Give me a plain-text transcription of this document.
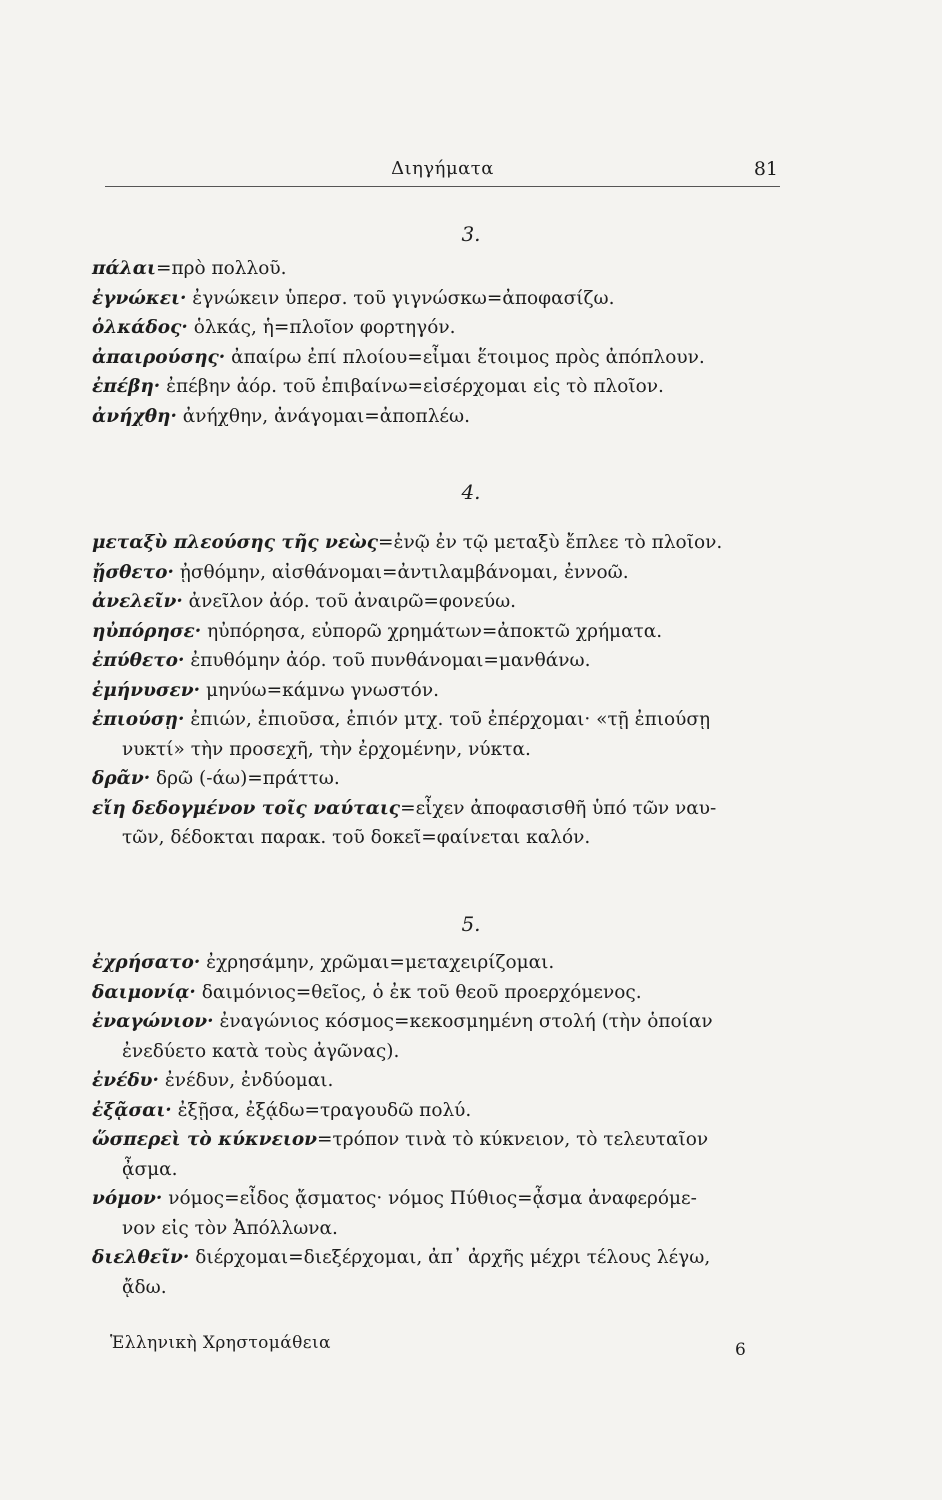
Διηγήματα	81
3.

πάλαι=πρὸ πολλοῦ.

ἐγνώκει· ἐγνώκειν ὑπερσ. τοῦ γιγνώσκω=ἀποφασίζω.

ὁλκάδος· ὁλκάς, ἡ=πλοῖον φορτηγόν.

ἀπαιρούσης· ἀπαίρω ἐπί πλοίου=εἶμαι ἕτοιμος πρὸς ἀπόπλουν.

ἐπέβη· ἐπέβην ἀόρ. τοῦ ἐπιβαίνω=εἰσέρχομαι εἰς τὸ πλοῖον.

ἀνήχθη· ἀνήχθην, ἀνάγομαι=ἀποπλέω.

4.

μεταξὺ πλεούσης τῆς νεὼς=ἐνῷ ἐν τῷ μεταξὺ ἔπλεε τὸ πλοῖον.

ᾔσθετο· ᾐσθόμην, αἰσθάνομαι=ἀντιλαμβάνομαι, ἐννοῶ.

ἀνελεῖν· ἀνεῖλον ἀόρ. τοῦ ἀναιρῶ=φονεύω.

ηὐπόρησε· ηὐπόρησα, εὐπορῶ χρημάτων=ἀποκτῶ χρήματα.

ἐπύθετο· ἐπυθόμην ἀόρ. τοῦ πυνθάνομαι=μανθάνω.

ἐμήνυσεν· μηνύω=κάμνω γνωστόν.

ἐπιούσῃ· ἐπιών, ἐπιοῦσα, ἐπιόν μτχ. τοῦ ἐπέρχομαι· «τῇ ἐπιούσῃ
νυκτί» τὴν προσεχῆ, τὴν ἐρχομένην, νύκτα.

δρᾶν· δρῶ (-άω)=πράττω.

εἴη δεδογμένον τοῖς ναύταις=εἶχεν ἀποφασισθῆ ὑπό τῶν ναυ-
τῶν, δέδοκται παρακ. τοῦ δοκεῖ=φαίνεται καλόν.

5.

ἐχρήσατο· ἐχρησάμην, χρῶμαι=μεταχειρίζομαι.

δαιμονίᾳ· δαιμόνιος=θεῖος, ὁ ἐκ τοῦ θεοῦ προερχόμενος.

ἐναγώνιον· ἐναγώνιος κόσμος=κεκοσμημένη στολή (τὴν ὁποίαν
ἐνεδύετο κατὰ τοὺς ἀγῶνας).

ἐνέδυ· ἐνέδυν, ἐνδύομαι.

ἐξᾷσαι· ἐξῇσα, ἐξᾴδω=τραγουδῶ πολύ.

ὥσπερεὶ τὸ κύκνειον=τρόπον τινὰ τὸ κύκνειον, τὸ τελευταῖον
ᾆσμα.

νόμον· νόμος=εἶδος ᾄσματος· νόμος Πύθιος=ᾆσμα ἀναφερόμε-
νον εἰς τὸν Ἀπόλλωνα.

διελθεῖν· διέρχομαι=διεξέρχομαι, ἀπ᾽ ἀρχῆς μέχρι τέλους λέγω,
ᾄδω.

Ἑλληνικὴ Χρηστομάθεια	6
